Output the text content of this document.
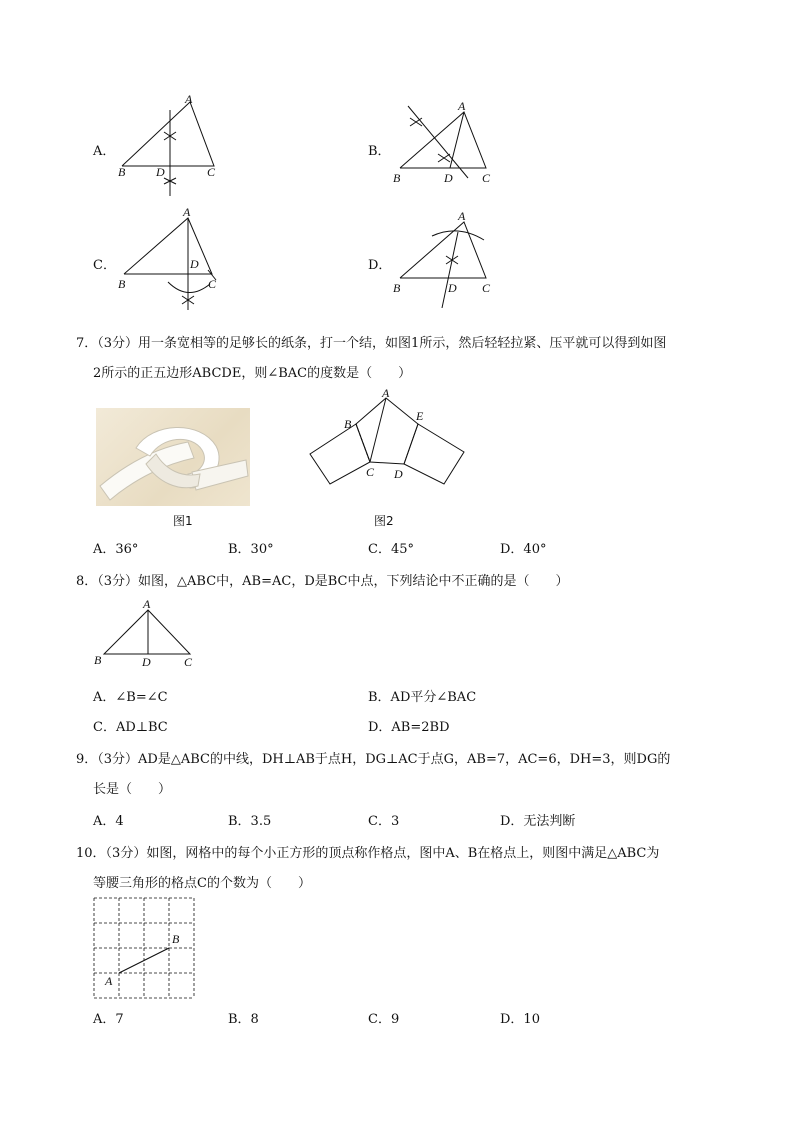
A．
A
B	D	C
B．
A
B	D C
C．
A
B
D
C
D．
A
B	D C
7．（3分）用一条宽相等的足够长的纸条，打一个结，如图1所示，然后轻轻拉紧、压平就可以得到如图
2所示的正五边形ABCDE，则∠BAC的度数是（　　）
图1
A
B
E
C D
图2
A．36°	B．30°	C．45°	D．40°
8．（3分）如图，△ABC中，AB=AC，D是BC中点，下列结论中不正确的是（　　）
A
B	D	C
A．∠B=∠C	B．AD平分∠BAC
C．AD⊥BC	D．AB=2BD
9．（3分）AD是△ABC的中线，DH⊥AB于点H，DG⊥AC于点G，AB=7，AC=6，DH=3，则DG的
长是（　　）
A．4	B．3.5	C．3	D．无法判断
10．（3分）如图，网格中的每个小正方形的顶点称作格点，图中A、B在格点上，则图中满足△ABC为
等腰三角形的格点C的个数为（　　）
B
A
A．7	B．8	C．9	D．10
